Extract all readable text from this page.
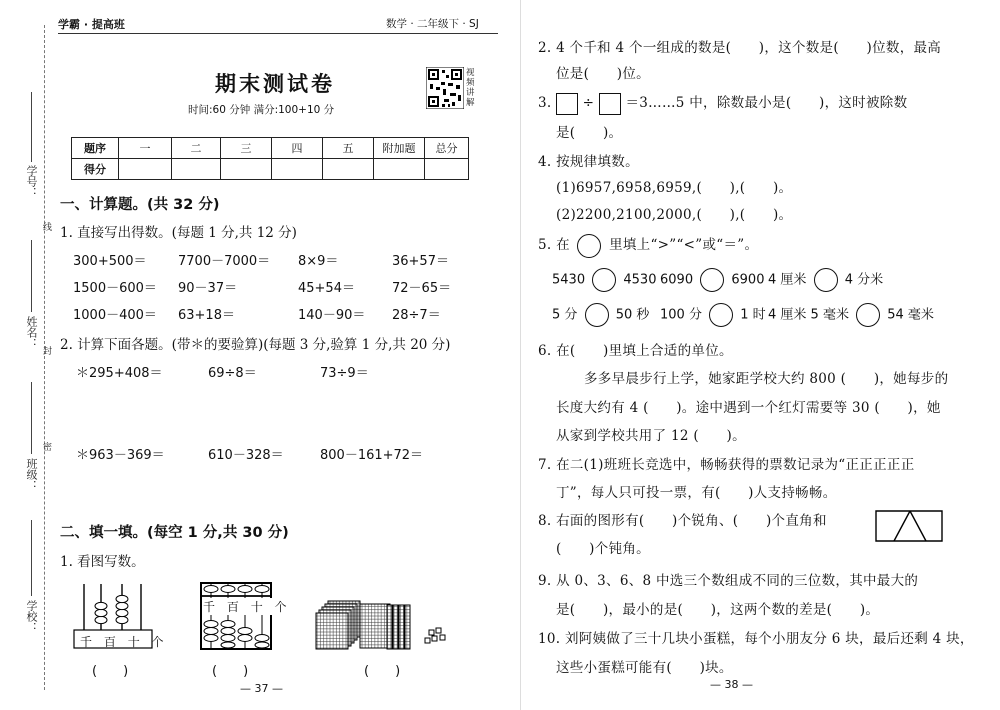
学号：
线
姓名：
封
班级：
密
学校：
学霸 · 提高班	数学 · 二年级下 · SJ
期末测试卷
时间:60 分钟 满分:100+10 分
视频讲解
题序	一	二	三	四	五	附加题	总分
得分							
一、计算题。(共 32 分)
1. 直接写出得数。(每题 1 分,共 12 分)
300+500＝ 7700－7000＝ 8×9＝	36+57＝
1500－600＝ 90－37＝	45+54＝	72－65＝
1000－400＝ 63+18＝	140－90＝ 28÷7＝
2. 计算下面各题。(带＊的要验算)(每题 3 分,验算 1 分,共 20 分)
＊295+408＝	69÷8＝	73÷9＝
＊963－369＝	610－328＝	800－161+72＝
二、填一填。(每空 1 分,共 30 分)
1. 看图写数。
千 百 十 个
(　　)
千 百 十 个
(　　)	(　　)
— 37 —
2. 4 个千和 4 个一组成的数是(　　)，这个数是(　　)位数，最高
位是(　　)位。
3. ÷ ＝3……5 中，除数最小是(　　)，这时被除数
是(　　)。
4. 按规律填数。
(1)6957,6958,6959,(　　),(　　)。
(2)2200,2100,2000,(　　),(　　)。
5. 在	里填上“>”“<”或“＝”。
5430	4530 6090	6900 4 厘米	4 分米
5 分	50 秒 100 分	1 时 4 厘米 5 毫米	54 毫米
6. 在(　　)里填上合适的单位。
多多早晨步行上学，她家距学校大约 800 (　　)，她每步的
长度大约有 4 (　　)。途中遇到一个红灯需要等 30 (　　)，她
从家到学校共用了 12 (　　)。
7. 在二(1)班班长竞选中，畅畅获得的票数记录为“正正正正正
丁”，每人只可投一票，有(　　)人支持畅畅。
8. 右面的图形有(　　)个锐角、(　　)个直角和
(　　)个钝角。
9. 从 0、3、6、8 中选三个数组成不同的三位数，其中最大的
是(　　)，最小的是(　　)，这两个数的差是(　　)。
10. 刘阿姨做了三十几块小蛋糕，每个小朋友分 6 块，最后还剩 4 块，
这些小蛋糕可能有(　　)块。
— 38 —
